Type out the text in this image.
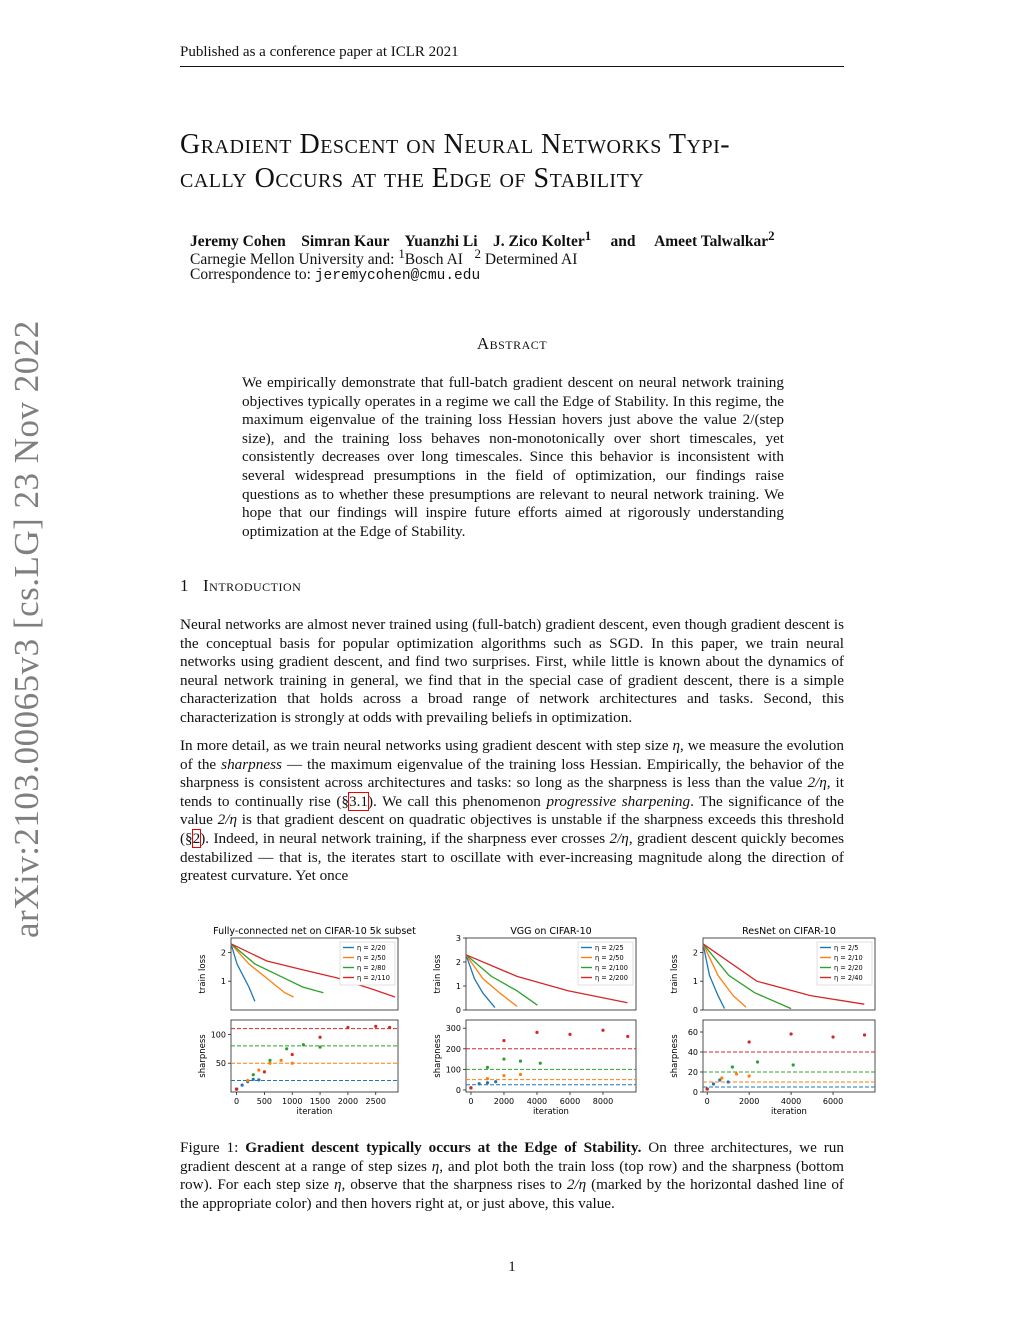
Published as a conference paper at ICLR 2021
arXiv:2103.00065v3 [cs.LG] 23 Nov 2022
Gradient Descent on Neural Networks Typi-
cally Occurs at the Edge of Stability
Jeremy Cohen Simran Kaur Yuanzhi Li J. Zico Kolter$^1$ and Ameet Talwalkar$^2$
Carnegie Mellon University and: $^1$Bosch AI $^2$ Determined AI
Correspondence to: jeremycohen@cmu.edu
Abstract
We empirically demonstrate that full-batch gradient descent on neural network training objectives typically operates in a regime we call the Edge of Stability. In this regime, the maximum eigenvalue of the training loss Hessian hovers just above the value 2/(step size), and the training loss behaves non-monotonically over short timescales, yet consistently decreases over long timescales. Since this behavior is inconsistent with several widespread presumptions in the field of optimization, our findings raise questions as to whether these presumptions are relevant to neural network training. We hope that our findings will inspire future efforts aimed at rigorously understanding optimization at the Edge of Stability.
1 Introduction
Neural networks are almost never trained using (full-batch) gradient descent, even though gradient descent is the conceptual basis for popular optimization algorithms such as SGD. In this paper, we train neural networks using gradient descent, and find two surprises. First, while little is known about the dynamics of neural network training in general, we find that in the special case of gradient descent, there is a simple characterization that holds across a broad range of network architectures and tasks. Second, this characterization is strongly at odds with prevailing beliefs in optimization.
In more detail, as we train neural networks using gradient descent with step size η, we measure the evolution of the sharpness — the maximum eigenvalue of the training loss Hessian. Empirically, the behavior of the sharpness is consistent across architectures and tasks: so long as the sharpness is less than the value 2/η, it tends to continually rise (§3.1). We call this phenomenon progressive sharpening. The significance of the value 2/η is that gradient descent on quadratic objectives is unstable if the sharpness exceeds this threshold (§2). Indeed, in neural network training, if the sharpness ever crosses 2/η, gradient descent quickly becomes destabilized — that is, the iterates start to oscillate with ever-increasing magnitude along the direction of greatest curvature. Yet once
Fully-connected net on CIFAR-10 5k subset
train loss 1
2
η = 2/20
η = 2/50
η = 2/80
η = 2/110
VGG on CIFAR-10
train loss
0
1
2
3
η = 2/25
η = 2/50
η = 2/100
η = 2/200
ResNet on CIFAR-10
train loss
0
1
2
η = 2/5
η = 2/10
η = 2/20
η = 2/40
sharpness
iteration
50
100
0 500 1000 1500 2000 2500
sharpness
iteration
0
100
200
300
0	2000 4000 6000 8000
sharpness
iteration
0
20
40
60
0	2000	4000	6000
Figure 1: Gradient descent typically occurs at the Edge of Stability. On three architectures, we run gradient descent at a range of step sizes η, and plot both the train loss (top row) and the sharpness (bottom row). For each step size η, observe that the sharpness rises to 2/η (marked by the horizontal dashed line of the appropriate color) and then hovers right at, or just above, this value.
1
